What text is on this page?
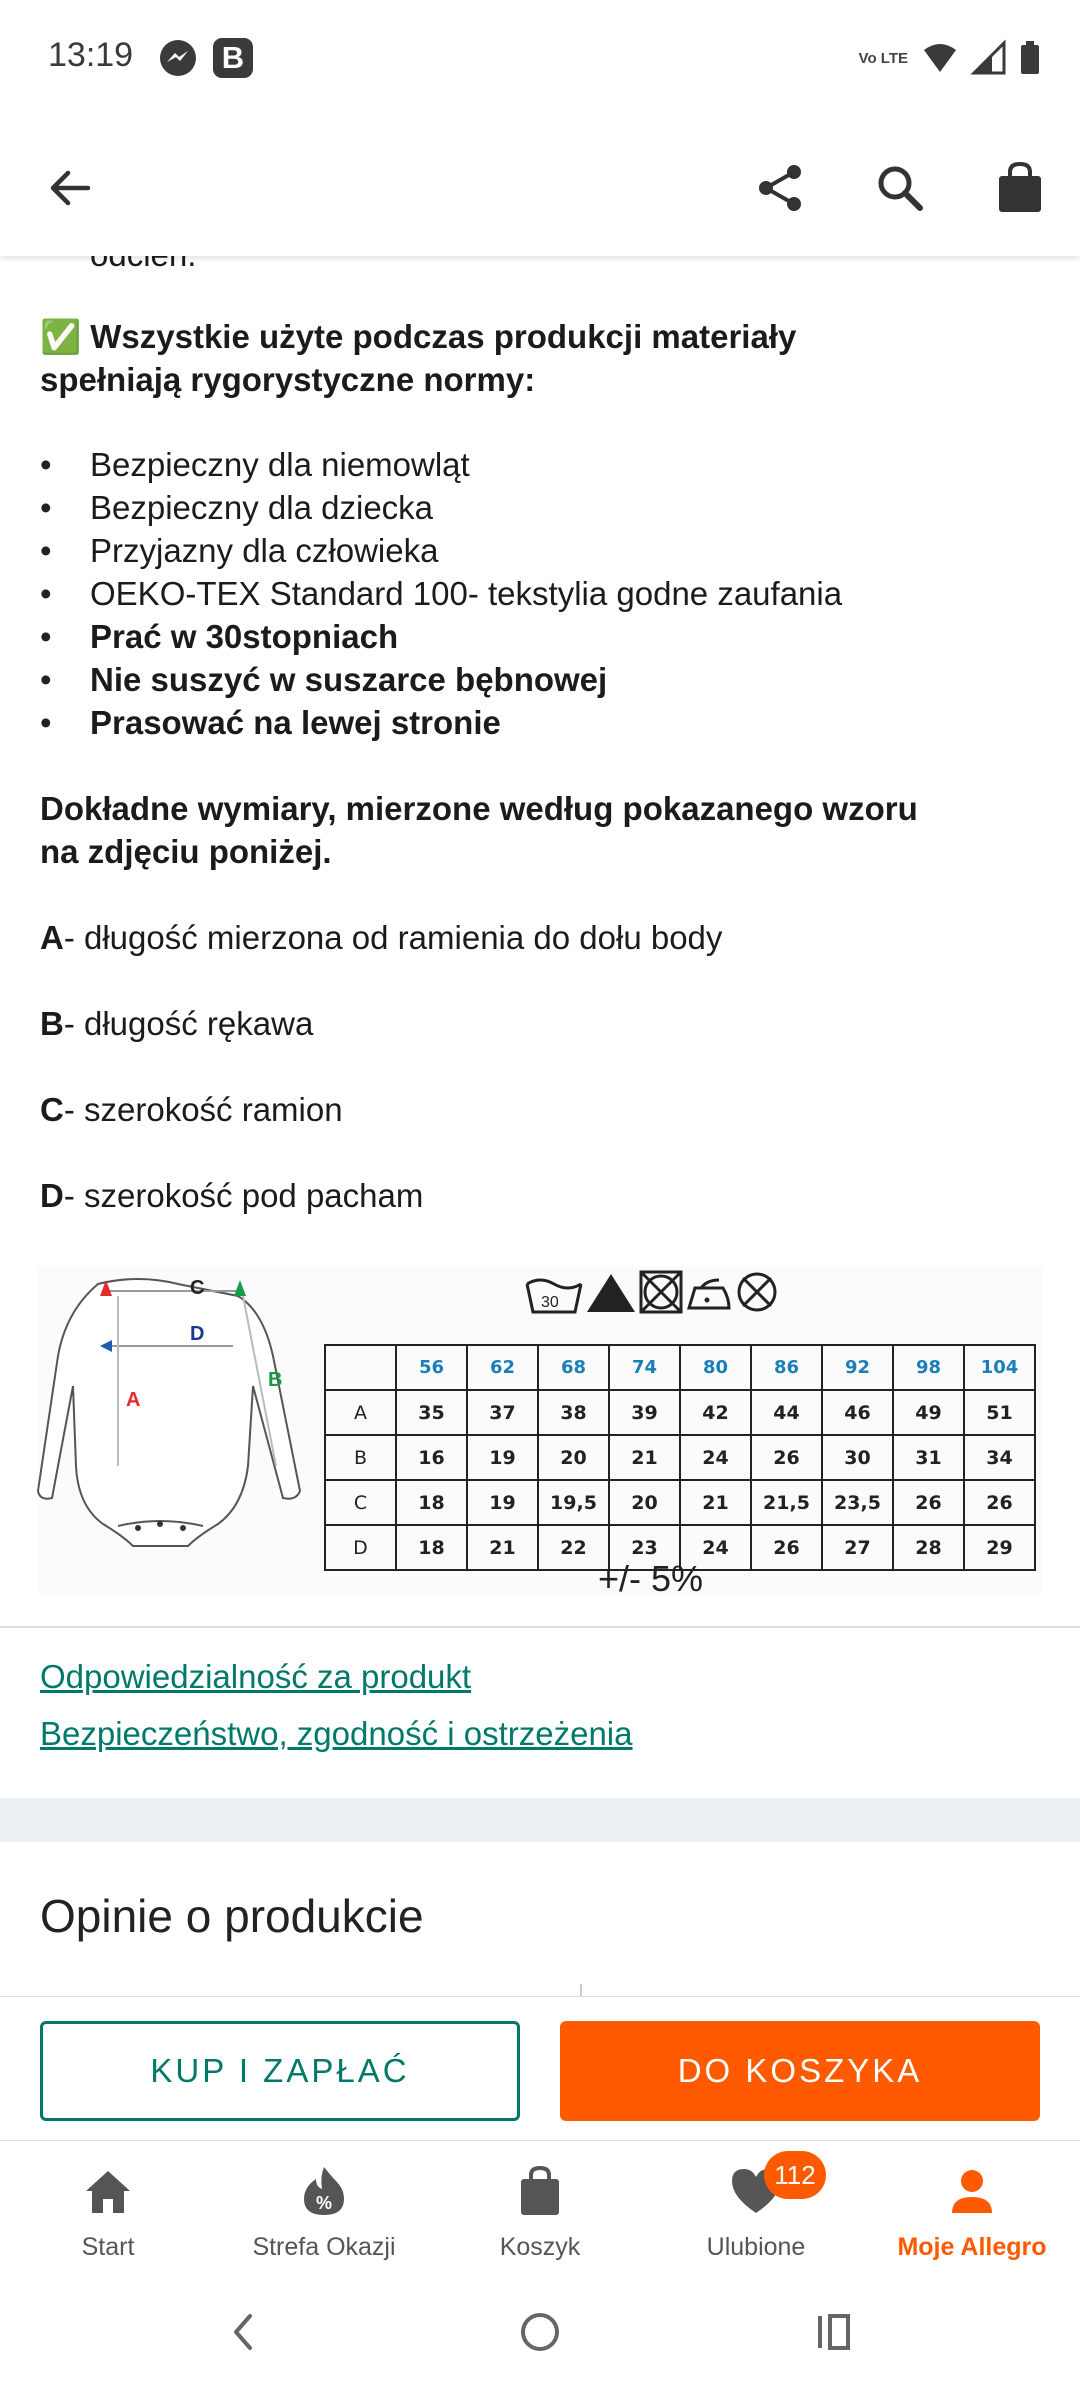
13:19	B	Vo LTE
✅ Wszystkie użyte podczas produkcji materiały
spełniają rygorystyczne normy:
• Bezpieczny dla niemowląt
• Bezpieczny dla dziecka
• Przyjazny dla człowieka
• OEKO-TEX Standard 100- tekstylia godne zaufania
• Prać w 30stopniach
• Nie suszyć w suszarce bębnowej
• Prasować na lewej stronie
Dokładne wymiary, mierzone według pokazanego wzoru
na zdjęciu poniżej.
A- długość mierzona od ramienia do dołu body
B- długość rękawa
C- szerokość ramion
D- szerokość pod pacham
C
D
A
B
30
	56	62	68	74	80	86	92	98	104
A	35	37	38	39	42	44	46	49	51
B	16	19	20	21	24	26	30	31	34
C	18	19	19,5	20	21	21,5	23,5	26	26
D	18	21	22	23	24	26	27	28	29
+/- 5%
Odpowiedzialność za produkt
Bezpieczeństwo, zgodność i ostrzeżenia
Opinie o produkcie
KUP I ZAPŁAĆ	DO KOSZYKA
Start
%
Strefa Okazji	Koszyk
112
Ulubione	Moje Allegro
